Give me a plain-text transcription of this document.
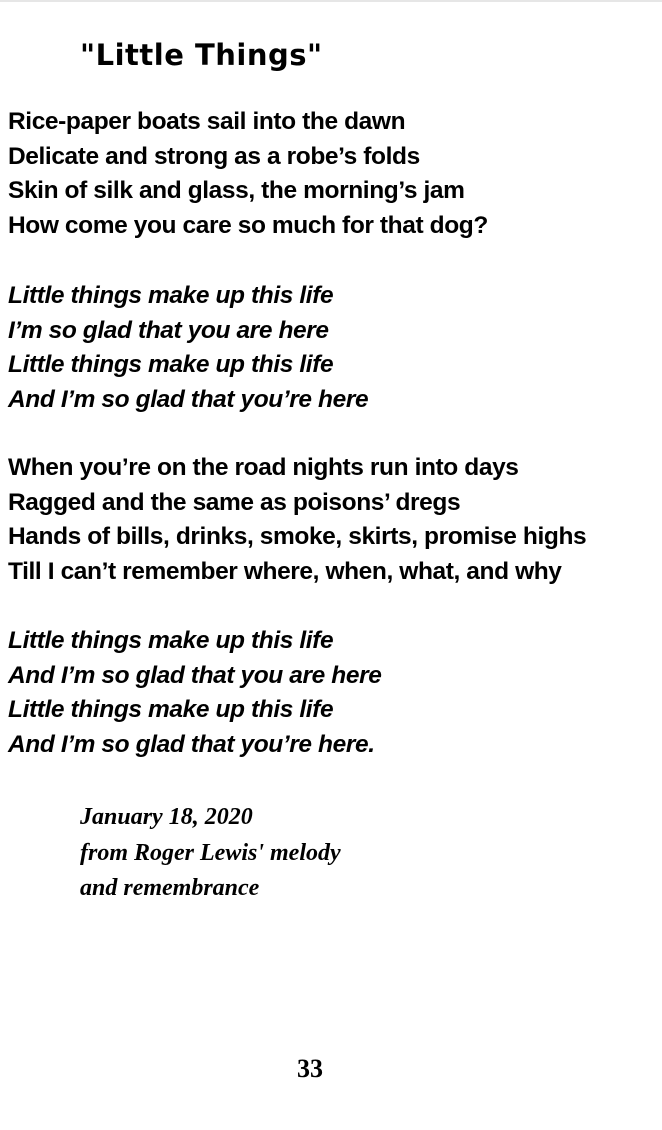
"Little Things"
Rice-paper boats sail into the dawn
Delicate and strong as a robe’s folds
Skin of silk and glass, the morning’s jam
How come you care so much for that dog?
Little things make up this life
I’m so glad that you are here
Little things make up this life
And I’m so glad that you’re here
When you’re on the road nights run into days
Ragged and the same as poisons’ dregs
Hands of bills, drinks, smoke, skirts, promise highs
Till I can’t remember where, when, what, and why
Little things make up this life
And I’m so glad that you are here
Little things make up this life
And I’m so glad that you’re here.
January 18, 2020
from Roger Lewis' melody
and remembrance
33
